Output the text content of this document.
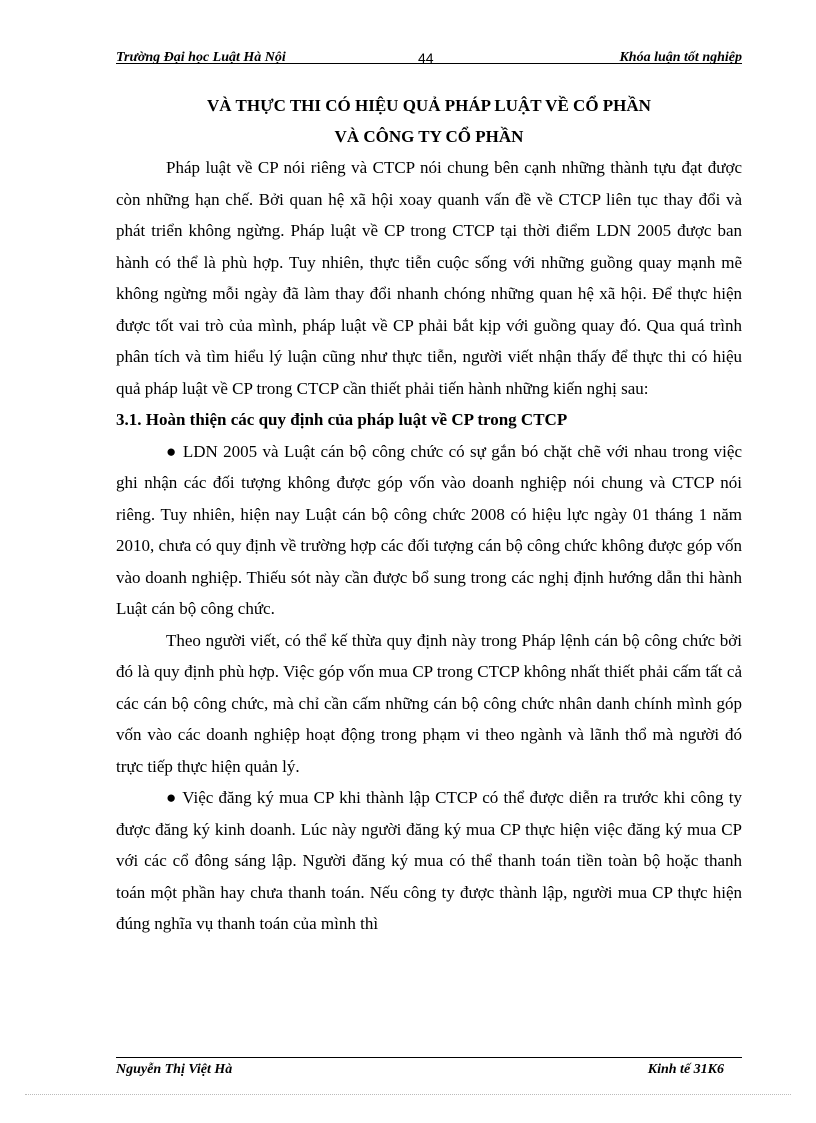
Trường Đại học Luật Hà Nội	44	Khóa luận tốt nghiệp
VÀ THỰC THI CÓ HIỆU QUẢ PHÁP LUẬT VỀ CỔ PHẦN
VÀ CÔNG TY CỔ PHẦN

Pháp luật về CP nói riêng và CTCP nói chung bên cạnh những thành tựu đạt được còn những hạn chế. Bởi quan hệ xã hội xoay quanh vấn đề về CTCP liên tục thay đổi và phát triển không ngừng. Pháp luật về CP trong CTCP tại thời điểm LDN 2005 được ban hành có thể là phù hợp. Tuy nhiên, thực tiễn cuộc sống với những guồng quay mạnh mẽ không ngừng mỗi ngày đã làm thay đổi nhanh chóng những quan hệ xã hội. Để thực hiện được tốt vai trò của mình, pháp luật về CP phải bắt kịp với guồng quay đó. Qua quá trình phân tích và tìm hiểu lý luận cũng như thực tiễn, người viết nhận thấy để thực thi có hiệu quả pháp luật về CP trong CTCP cần thiết phải tiến hành những kiến nghị sau:

3.1. Hoàn thiện các quy định của pháp luật về CP trong CTCP

● LDN 2005 và Luật cán bộ công chức có sự gắn bó chặt chẽ với nhau trong việc ghi nhận các đối tượng không được góp vốn vào doanh nghiệp nói chung và CTCP nói riêng. Tuy nhiên, hiện nay Luật cán bộ công chức 2008 có hiệu lực ngày 01 tháng 1 năm 2010, chưa có quy định về trường hợp các đối tượng cán bộ công chức không được góp vốn vào doanh nghiệp. Thiếu sót này cần được bổ sung trong các nghị định hướng dẫn thi hành Luật cán bộ công chức.

Theo người viết, có thể kế thừa quy định này trong Pháp lệnh cán bộ công chức bởi đó là quy định phù hợp. Việc góp vốn mua CP trong CTCP không nhất thiết phải cấm tất cả các cán bộ công chức, mà chỉ cần cấm những cán bộ công chức nhân danh chính mình góp vốn vào các doanh nghiệp hoạt động trong phạm vi theo ngành và lãnh thổ mà người đó trực tiếp thực hiện quản lý.

● Việc đăng ký mua CP khi thành lập CTCP có thể được diễn ra trước khi công ty được đăng ký kinh doanh. Lúc này người đăng ký mua CP thực hiện việc đăng ký mua CP với các cổ đông sáng lập. Người đăng ký mua có thể thanh toán tiền toàn bộ hoặc thanh toán một phần hay chưa thanh toán. Nếu công ty được thành lập, người mua CP thực hiện đúng nghĩa vụ thanh toán của mình thì

Nguyễn Thị Việt Hà	Kinh tế 31K6
